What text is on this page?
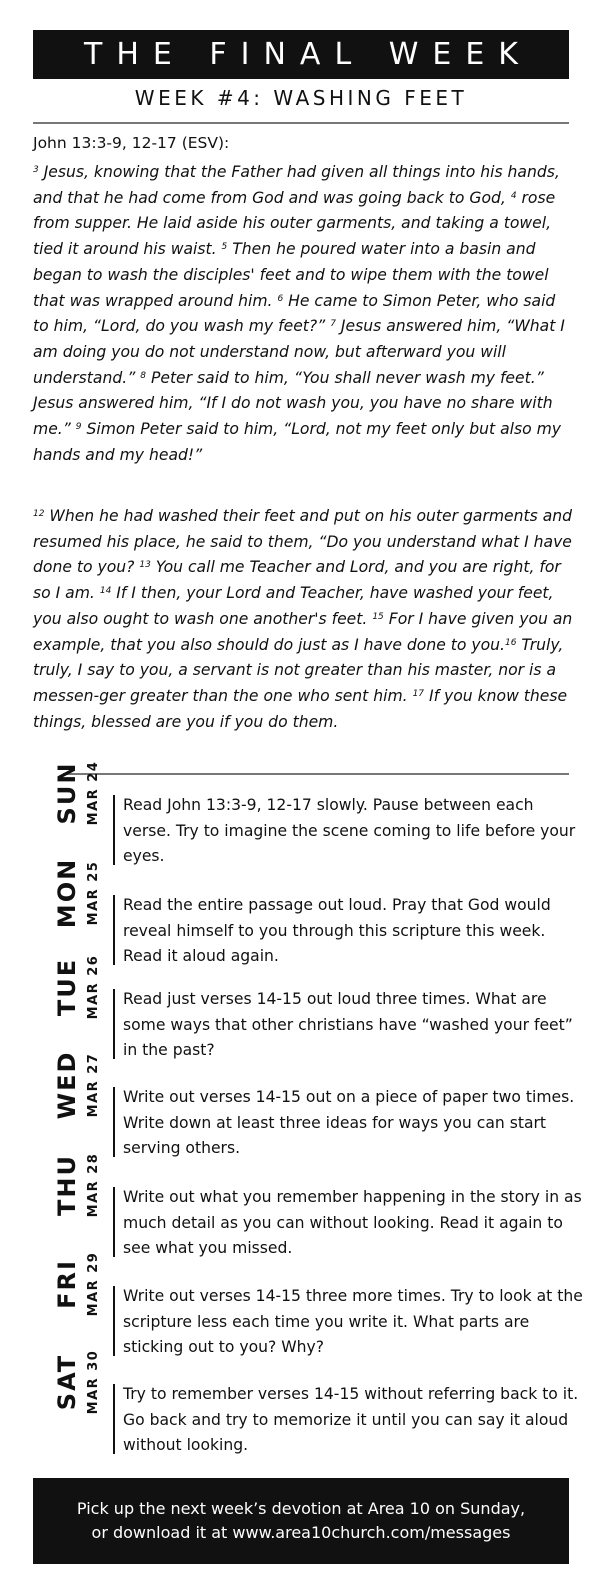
THE FINAL WEEK
WEEK #4: WASHING FEET
John 13:3-9, 12-17 (ESV):
$^3$ Jesus, knowing that the Father had given all things into his hands, and that he had come from God and was going back to God, $^4$ rose from supper. He laid aside his outer garments, and taking a towel, tied it around his waist. $^5$ Then he poured water into a basin and began to wash the disciples' feet and to wipe them with the towel that was wrapped around him. $^6$ He came to Simon Peter, who said to him, “Lord, do you wash my feet?” $^7$ Jesus answered him, “What I am doing you do not understand now, but afterward you will understand.” $^8$ Peter said to him, “You shall never wash my feet.” Jesus answered him, “If I do not wash you, you have no share with me.” $^9$ Simon Peter said to him, “Lord, not my feet only but also my hands and my head!”
$^{12}$ When he had washed their feet and put on his outer garments and resumed his place, he said to them, “Do you understand what I have done to you? $^{13}$ You call me Teacher and Lord, and you are right, for so I am. $^{14}$ If I then, your Lord and Teacher, have washed your feet, you also ought to wash one another's feet. $^{15}$ For I have given you an example, that you also should do just as I have done to you.$^{16}$ Truly, truly, I say to you, a servant is not greater than his master, nor is a messen-ger greater than the one who sent him. $^{17}$ If you know these things, blessed are you if you do them.
SUN MAR 24 Read John 13:3-9, 12-17 slowly. Pause between each verse. Try to imagine the scene coming to life before your eyes.
MON MAR 25 Read the entire passage out loud. Pray that God would reveal himself to you through this scripture this week. Read it aloud again.
TUE MAR 26 Read just verses 14-15 out loud three times. What are some ways that other christians have “washed your feet” in the past?
WED MAR 27 Write out verses 14-15 out on a piece of paper two times. Write down at least three ideas for ways you can start serving others.
THU MAR 28 Write out what you remember happening in the story in as much detail as you can without looking. Read it again to see what you missed.
FRI MAR 29 Write out verses 14-15 three more times. Try to look at the scripture less each time you write it. What parts are sticking out to you? Why?
SAT MAR 30 Try to remember verses 14-15 without referring back to it. Go back and try to memorize it until you can say it aloud without looking.
Pick up the next week’s devotion at Area 10 on Sunday,
or download it at www.area10church.com/messages
